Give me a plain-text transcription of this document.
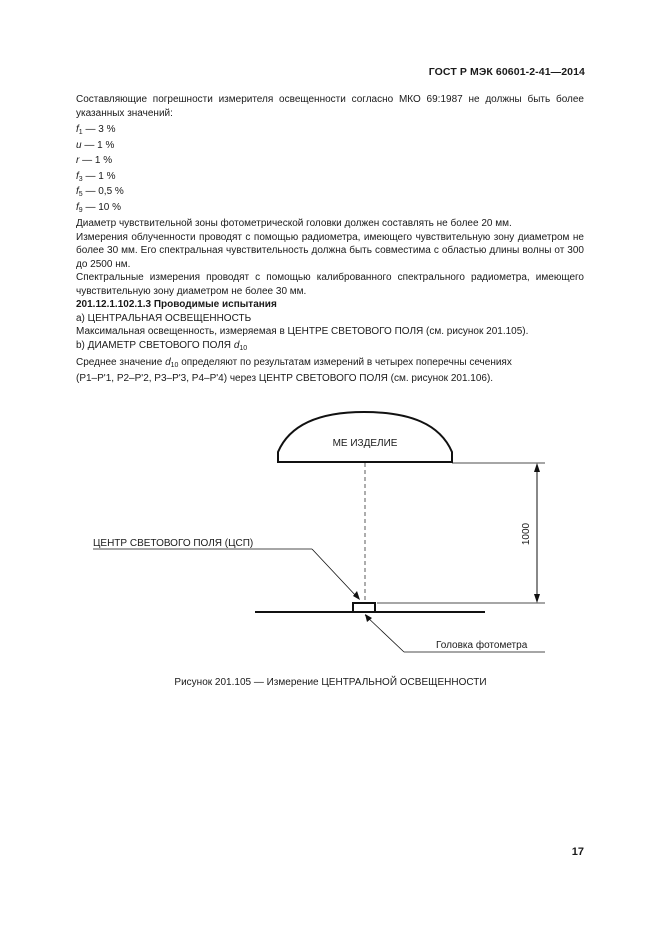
ГОСТ Р МЭК 60601-2-41—2014

Составляющие погрешности измерителя освещенности согласно МКО 69:1987 не должны быть более указанных значений:

$f_1$ — 3 %
u — 1 %
r — 1 %
$f_3$ — 1 %
$f_5$ — 0,5 %
$f_9$ — 10 %

Диаметр чувствительной зоны фотометрической головки должен составлять не более 20 мм.

Измерения облученности проводят с помощью радиометра, имеющего чувствительную зону диаметром не более 30 мм. Его спектральная чувствительность должна быть совместима с областью длины волны от 300 до 2500 нм.

Спектральные измерения проводят с помощью калиброванного спектрального радиометра, имеющего чувствительную зону диаметром не более 30 мм.

201.12.1.102.1.3 Проводимые испытания

a) ЦЕНТРАЛЬНАЯ ОСВЕЩЕННОСТЬ

Максимальная освещенность, измеряемая в ЦЕНТРЕ СВЕТОВОГО ПОЛЯ (см. рисунок 201.105).

b) ДИАМЕТР СВЕТОВОГО ПОЛЯ $d_{10}$

Среднее значение $d_{10}$ определяют по результатам измерений в четырех поперечны сечениях

(P1–P'1, P2–P'2, P3–P'3, P4–P'4) через ЦЕНТР СВЕТОВОГО ПОЛЯ (см. рисунок 201.106).

МЕ ИЗДЕЛИЕ
1000
ЦЕНТР СВЕТОВОГО ПОЛЯ (ЦСП)
Головка фотометра
Рисунок 201.105 — Измерение ЦЕНТРАЛЬНОЙ ОСВЕЩЕННОСТИ
17
